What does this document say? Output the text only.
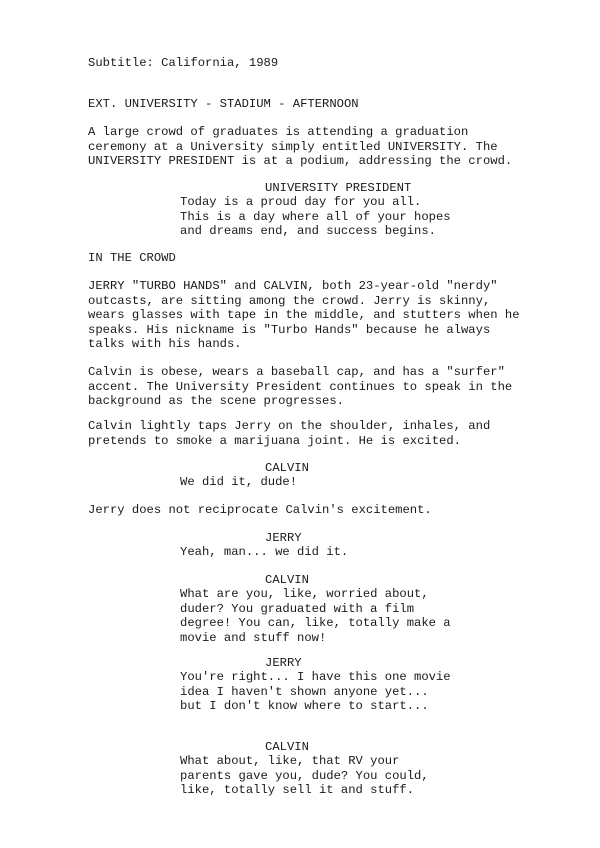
Subtitle: California, 1989
EXT. UNIVERSITY - STADIUM - AFTERNOON
A large crowd of graduates is attending a graduation
ceremony at a University simply entitled UNIVERSITY. The
UNIVERSITY PRESIDENT is at a podium, addressing the crowd.
UNIVERSITY PRESIDENT
Today is a proud day for you all.
This is a day where all of your hopes
and dreams end, and success begins.
IN THE CROWD
JERRY "TURBO HANDS" and CALVIN, both 23-year-old "nerdy"
outcasts, are sitting among the crowd. Jerry is skinny,
wears glasses with tape in the middle, and stutters when he
speaks. His nickname is "Turbo Hands" because he always
talks with his hands.
Calvin is obese, wears a baseball cap, and has a "surfer"
accent. The University President continues to speak in the
background as the scene progresses.
Calvin lightly taps Jerry on the shoulder, inhales, and
pretends to smoke a marijuana joint. He is excited.
CALVIN
We did it, dude!
Jerry does not reciprocate Calvin's excitement.
JERRY
Yeah, man... we did it.
CALVIN
What are you, like, worried about,
duder? You graduated with a film
degree! You can, like, totally make a
movie and stuff now!
JERRY
You're right... I have this one movie
idea I haven't shown anyone yet...
but I don't know where to start...
CALVIN
What about, like, that RV your
parents gave you, dude? You could,
like, totally sell it and stuff.
